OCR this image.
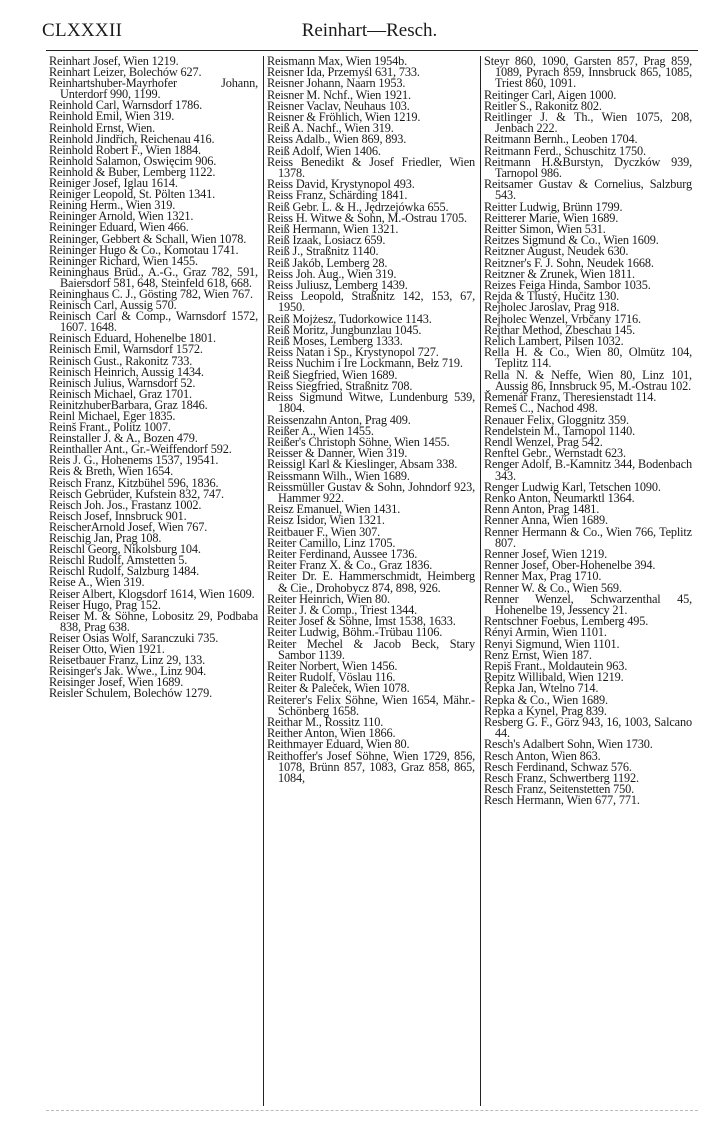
CLXXXII	Reinhart—Resch.

Reinhart Josef, Wien 1219.

Reinhart Leizer, Bolechów 627.

Reinhartshuber-Mayrhofer Johann, Unterdorf 990, 1199.

Reinhold Carl, Warnsdorf 1786.

Reinhold Emil, Wien 319.

Reinhold Ernst, Wien.

Reinhold Jindřich, Reichenau 416.

Reinhold Robert F., Wien 1884.

Reinhold Salamon, Oswięcim 906.

Reinhold & Buber, Lemberg 1122.

Reiniger Josef, Iglau 1614.

Reiniger Leopold, St. Pölten 1341.

Reining Herm., Wien 319.

Reininger Arnold, Wien 1321.

Reininger Eduard, Wien 466.

Reininger, Gebbert & Schall, Wien 1078.

Reininger Hugo & Co., Komotau 1741.

Reininger Richard, Wien 1455.

Reininghaus Brüd., A.-G., Graz 782, 591, Baiersdorf 581, 648, Steinfeld 618, 668.

Reininghaus C. J., Gösting 782, Wien 767.

Reinisch Carl, Aussig 570.

Reinisch Carl & Comp., Warnsdorf 1572, 1607. 1648.

Reinisch Eduard, Hohenelbe 1801.

Reinisch Emil, Warnsdorf 1572.

Reinisch Gust., Rakonitz 733.

Reinisch Heinrich, Aussig 1434.

Reinisch Julius, Warnsdorf 52.

Reinisch Michael, Graz 1701.

ReinitzhuberBarbara, Graz 1846.

Reinl Michael, Eger 1835.

Reinš Frant., Politz 1007.

Reinstaller J. & A., Bozen 479.

Reinthaller Ant., Gr.-Weiffendorf 592.

Reis J. G., Hohenems 1537, 19541.

Reis & Breth, Wien 1654.

Reisch Franz, Kitzbühel 596, 1836.

Reisch Gebrüder, Kufstein 832, 747.

Reisch Joh. Jos., Frastanz 1002.

Reisch Josef, Innsbruck 901.

ReischerArnold Josef, Wien 767.

Reischig Jan, Prag 108.

Reischl Georg, Nikolsburg 104.

Reischl Rudolf, Amstetten 5.

Reischl Rudolf, Salzburg 1484.

Reise A., Wien 319.

Reiser Albert, Klogsdorf 1614, Wien 1609.

Reiser Hugo, Prag 152.

Reiser M. & Söhne, Lobositz 29, Podbaba 838, Prag 638.

Reiser Osias Wolf, Saranczuki 735.

Reiser Otto, Wien 1921.

Reisetbauer Franz, Linz 29, 133.

Reisinger's Jak. Wwe., Linz 904.

Reisinger Josef, Wien 1689.

Reisler Schulem, Bolechów 1279.

Reismann Max, Wien 1954b.

Reisner Ida, Przemyśl 631, 733.

Reisner Johann, Naarn 1953.

Reisner M. Nchf., Wien 1921.

Reisner Vaclav, Neuhaus 103.

Reisner & Fröhlich, Wien 1219.

Reiß A. Nachf., Wien 319.

Reiss Adalb., Wien 869, 893.

Reiß Adolf, Wien 1406.

Reiss Benedikt & Josef Friedler, Wien 1378.

Reiss David, Krystynopol 493.

Reiss Franz, Schärding 1841.

Reiß Gebr. L. & H., Jędrzejówka 655.

Reiss H. Witwe & Sohn, M.-Ostrau 1705.

Reiß Hermann, Wien 1321.

Reiß Izaak, Losiacz 659.

Reiß J., Straßnitz 1140.

Reiß Jakób, Lemberg 28.

Reiss Joh. Aug., Wien 319.

Reiss Juliusz, Lemberg 1439.

Reiss Leopold, Straßnitz 142, 153, 67, 1950.

Reiß Mojżesz, Tudorkowice 1143.

Reiß Moritz, Jungbunzlau 1045.

Reiß Moses, Lemberg 1333.

Reiss Natan i Sp., Krystynopol 727.

Reiss Nuchim i Ire Lockmann, Bełz 719.

Reiß Siegfried, Wien 1689.

Reiss Siegfried, Straßnitz 708.

Reiss Sigmund Witwe, Lundenburg 539, 1804.

Reissenzahn Anton, Prag 409.

Reißer A., Wien 1455.

Reißer's Christoph Söhne, Wien 1455.

Reisser & Danner, Wien 319.

Reissigl Karl & Kieslinger, Absam 338.

Reissmann Wilh., Wien 1689.

Reissmüller Gustav & Sohn, Johndorf 923, Hammer 922.

Reisz Emanuel, Wien 1431.

Reisz Isidor, Wien 1321.

Reitbauer F., Wien 307.

Reiter Camillo, Linz 1705.

Reiter Ferdinand, Aussee 1736.

Reiter Franz X. & Co., Graz 1836.

Reiter Dr. E. Hammerschmidt, Heimberg & Cie., Drohobycz 874, 898, 926.

Reiter Heinrich, Wien 80.

Reiter J. & Comp., Triest 1344.

Reiter Josef & Söhne, Imst 1538, 1633.

Reiter Ludwig, Böhm.-Trübau 1106.

Reiter Mechel & Jacob Beck, Stary Sambor 1139.

Reiter Norbert, Wien 1456.

Reiter Rudolf, Vöslau 116.

Reiter & Paleček, Wien 1078.

Reiterer's Felix Söhne, Wien 1654, Mähr.-Schönberg 1658.

Reithar M., Rossitz 110.

Reither Anton, Wien 1866.

Reithmayer Eduard, Wien 80.

Reithoffer's Josef Söhne, Wien 1729, 856, 1078, Brünn 857, 1083, Graz 858, 865, 1084,

Steyr 860, 1090, Garsten 857, Prag 859, 1089, Pyrach 859, Innsbruck 865, 1085, Triest 860, 1091.

Reitinger Carl, Aigen 1000.

Reitler S., Rakonitz 802.

Reitlinger J. & Th., Wien 1075, 208, Jenbach 222.

Reitmann Bernh., Leoben 1704.

Reitmann Ferd., Schuschitz 1750.

Reitmann H.&Burstyn, Dyczków 939, Tarnopol 986.

Reitsamer Gustav & Cornelius, Salzburg 543.

Reitter Ludwig, Brünn 1799.

Reitterer Marie, Wien 1689.

Reitter Simon, Wien 531.

Reitzes Sigmund & Co., Wien 1609.

Reitzner August, Neudek 630.

Reitzner's F. J. Sohn, Neudek 1668.

Reitzner & Zrunek, Wien 1811.

Reizes Feiga Hinda, Sambor 1035.

Rejda & Tlustý, Hučitz 130.

Rejholec Jaroslav, Prag 918.

Rejholec Wenzel, Vrbčany 1716.

Rejthar Method, Zbeschau 145.

Relich Lambert, Pilsen 1032.

Rella H. & Co., Wien 80, Olmütz 104, Teplitz 114.

Rella N. & Neffe, Wien 80, Linz 101, Aussig 86, Innsbruck 95, M.-Ostrau 102.

Řemenář Franz, Theresienstadt 114.

Remeš C., Nachod 498.

Renauer Felix, Gloggnitz 359.

Rendelstein M., Tarnopol 1140.

Rendl Wenzel, Prag 542.

Renftel Gebr., Wernstadt 623.

Renger Adolf, B.-Kamnitz 344, Bodenbach 343.

Renger Ludwig Karl, Tetschen 1090.

Renko Anton, Neumarktl 1364.

Renn Anton, Prag 1481.

Renner Anna, Wien 1689.

Renner Hermann & Co., Wien 766, Teplitz 807.

Renner Josef, Wien 1219.

Renner Josef, Ober-Hohenelbe 394.

Renner Max, Prag 1710.

Renner W. & Co., Wien 569.

Renner Wenzel, Schwarzenthal 45, Hohenelbe 19, Jessency 21.

Rentschner Foebus, Lemberg 495.

Rényi Armin, Wien 1101.

Renyi Sigmund, Wien 1101.

Renz Ernst, Wien 187.

Repiš Frant., Moldautein 963.

Repitz Willibald, Wien 1219.

Řepka Jan, Wtelno 714.

Repka & Co., Wien 1689.

Repka a Kynel, Prag 839.

Resberg G. F., Görz 943, 16, 1003, Salcano 44.

Resch's Adalbert Sohn, Wien 1730.

Resch Anton, Wien 863.

Resch Ferdinand, Schwaz 576.

Resch Franz, Schwertberg 1192.

Resch Franz, Seitenstetten 750.

Resch Hermann, Wien 677, 771.
